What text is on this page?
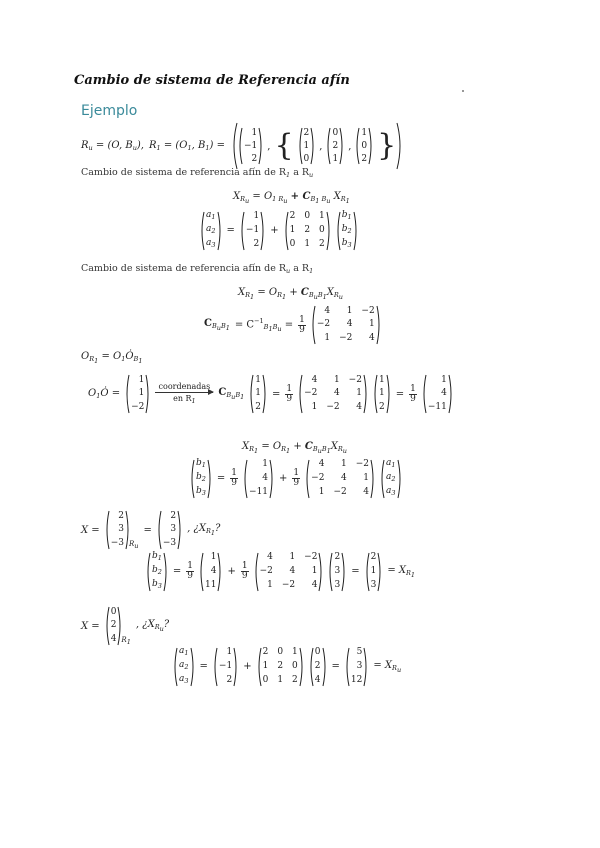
Cambio de sistema de Referencia afín
Ejemplo
$R_u = (O$, $B_u$), $R_1 = (O_1$, $B_1$) =
1
−1
2
, { 2
1
0
,
0
2
1
,
1
0
2 }
Cambio de sistema de referencia afín de $R_1$ a $R_u$
$X_{R_u} = O_{1 R_u} + C_{B_1 B_u}$ $X_{R_1}$
$a_1$
$a_2$
$a_3$
=
1
−1
2
+
2 0 1
1 2 0
0 1 2
$b_1$
$b_2$
$b_3$
Cambio de sistema de referencia afín de $R_u$ a $R_1$
$X_{R_1} = O_{R_1} + C_{B_uB_1}X_{R_u}$
$C_{B_uB_1} = C^{-1}_{B_1B_u} = \frac{1}{9}$
4 1 −2
−2 4 1
1 −2 4
$O_{R_1}$ = $O_1Ȯ_{B_1}$
$O_1Ȯ$ =
1
1
−2
coordenadas
en $R_1$
$C_{B_uB_1}$
1
1
2
= $\frac{1}{9}$
4 1 −2
−2 4 1
1 −2 4
1
1
2
= $\frac{1}{9}$
1
4
−11
$X_{R_1} = O_{R_1} + C_{B_uB_1}X_{R_u}$
$b_1$
$b_2$
$b_3$
= $\frac{1}{9}$
1
4
−11
+ $\frac{1}{9}$
4 1 −2
−2 4 1
1 −2 4
$a_1$
$a_2$
$a_3$
X =
2
3
−3 $R_u$
=
2
3
−3
, ¿$X_{R_1}$?
$b_1$
$b_2$
$b_3$
= $\frac{1}{9}$
1
4
11
+ $\frac{1}{9}$
4 1 −2
−2 4 1
1 −2 4
2
3
3
=
2
1
3
= $X_{R_1}$
X =
0
2
4 $R_1$
, ¿$X_{R_u}$?
$a_1$
$a_2$
$a_3$
=
1
−1
2
+
2 0 1
1 2 0
0 1 2
0
2
4
=
5
3
12
= $X_{R_u}$
